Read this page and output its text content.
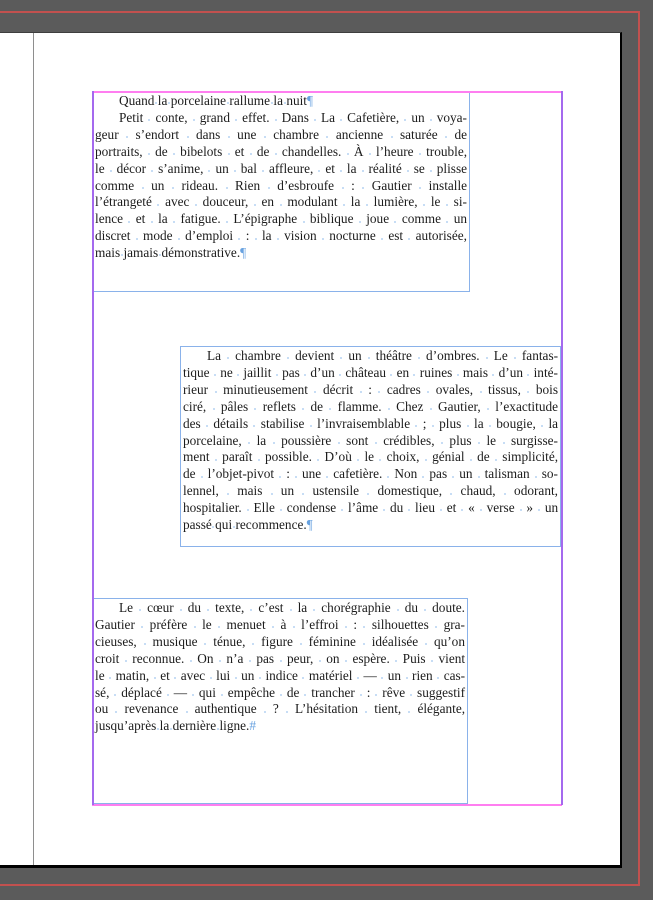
Quand la porcelaine rallume la nuit¶
Petit conte, grand effet. Dans La Cafetière, un voya-
geur s’endort dans une chambre ancienne saturée de
portraits, de bibelots et de chandelles. À l’heure trouble,
le décor s’anime, un bal affleure, et la réalité se plisse
comme un rideau. Rien d’esbroufe : Gautier installe
l’étrangeté avec douceur, en modulant la lumière, le si-
lence et la fatigue. L’épigraphe biblique joue comme un
discret mode d’emploi : la vision nocturne est autorisée,
mais jamais démonstrative.¶
La chambre devient un théâtre d’ombres. Le fantas-
tique ne jaillit pas d’un château en ruines mais d’un inté-
rieur minutieusement décrit : cadres ovales, tissus, bois
ciré, pâles reflets de flamme. Chez Gautier, l’exactitude
des détails stabilise l’invraisemblable ; plus la bougie, la
porcelaine, la poussière sont crédibles, plus le surgisse-
ment paraît possible. D’où le choix, génial de simplicité,
de l’objet-pivot : une cafetière. Non pas un talisman so-
lennel, mais un ustensile domestique, chaud, odorant,
hospitalier. Elle condense l’âme du lieu et « verse » un
passé qui recommence.¶
Le cœur du texte, c’est la chorégraphie du doute.
Gautier préfère le menuet à l’effroi : silhouettes gra-
cieuses, musique ténue, figure féminine idéalisée qu’on
croit reconnue. On n’a pas peur, on espère. Puis vient
le matin, et avec lui un indice matériel — un rien cas-
sé, déplacé — qui empêche de trancher : rêve suggestif
ou revenance authentique ? L’hésitation tient, élégante,
jusqu’après la dernière ligne.#
